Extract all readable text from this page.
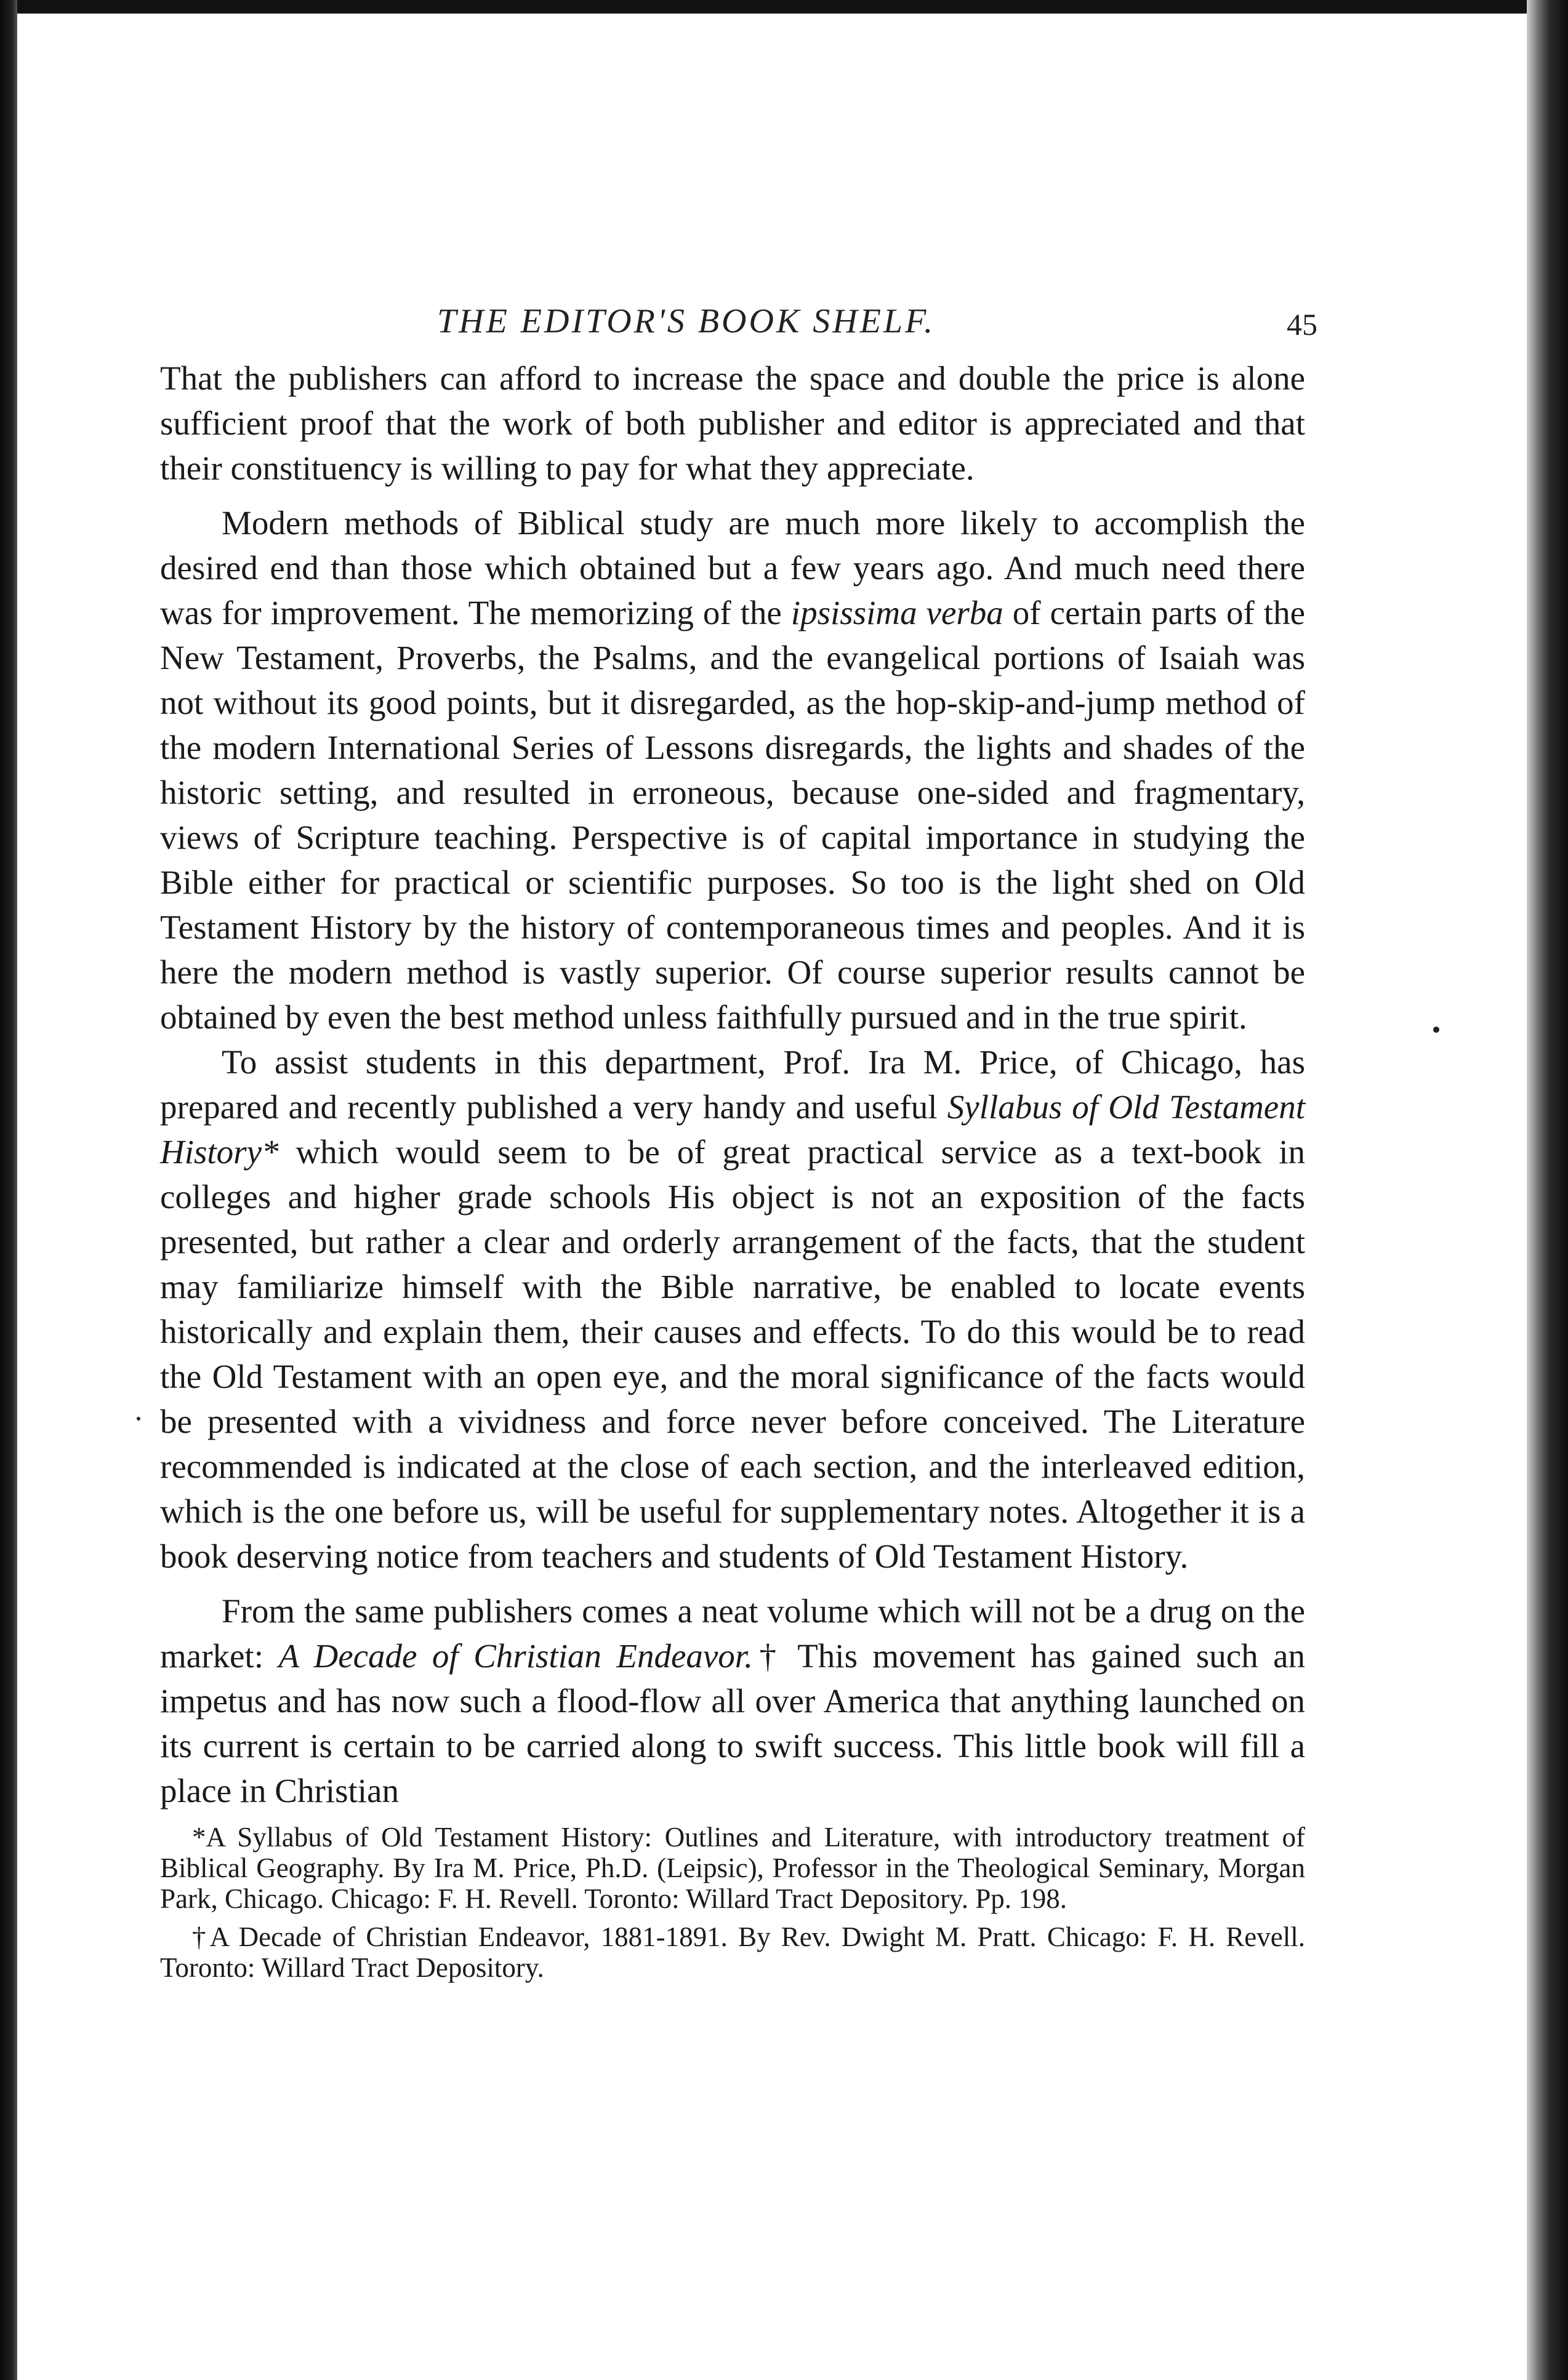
THE EDITOR'S BOOK SHELF.	45

That the publishers can afford to increase the space and double the price is alone sufficient proof that the work of both publisher and editor is appreciated and that their constituency is willing to pay for what they appreciate.

Modern methods of Biblical study are much more likely to accomplish the desired end than those which obtained but a few years ago. And much need there was for improvement. The memorizing of the ipsissima verba of certain parts of the New Testament, Proverbs, the Psalms, and the evangelical portions of Isaiah was not without its good points, but it disregarded, as the hop-skip-and-jump method of the modern International Series of Lessons disregards, the lights and shades of the historic setting, and resulted in erroneous, because one-sided and fragmentary, views of Scripture teaching. Perspective is of capital importance in studying the Bible either for practical or scientific purposes. So too is the light shed on Old Testament History by the history of contemporaneous times and peoples. And it is here the modern method is vastly superior. Of course superior results cannot be obtained by even the best method unless faithfully pursued and in the true spirit.

To assist students in this department, Prof. Ira M. Price, of Chicago, has prepared and recently published a very handy and useful Syllabus of Old Testament History* which would seem to be of great practical service as a text-book in colleges and higher grade schools His object is not an exposition of the facts presented, but rather a clear and orderly arrangement of the facts, that the student may familiarize himself with the Bible narrative, be enabled to locate events historically and explain them, their causes and effects. To do this would be to read the Old Testament with an open eye, and the moral significance of the facts would be presented with a vividness and force never before conceived. The Literature recommended is indicated at the close of each section, and the interleaved edition, which is the one before us, will be useful for supplementary notes. Altogether it is a book deserving notice from teachers and students of Old Testament History.

From the same publishers comes a neat volume which will not be a drug on the market: A Decade of Christian Endeavor.† This movement has gained such an impetus and has now such a flood-flow all over America that anything launched on its current is certain to be carried along to swift success. This little book will fill a place in Christian

*A Syllabus of Old Testament History: Outlines and Literature, with introductory treatment of Biblical Geography. By Ira M. Price, Ph.D. (Leipsic), Professor in the Theological Seminary, Morgan Park, Chicago. Chicago: F. H. Revell. Toronto: Willard Tract Depository. Pp. 198.

†A Decade of Christian Endeavor, 1881-1891. By Rev. Dwight M. Pratt. Chicago: F. H. Revell. Toronto: Willard Tract Depository.
